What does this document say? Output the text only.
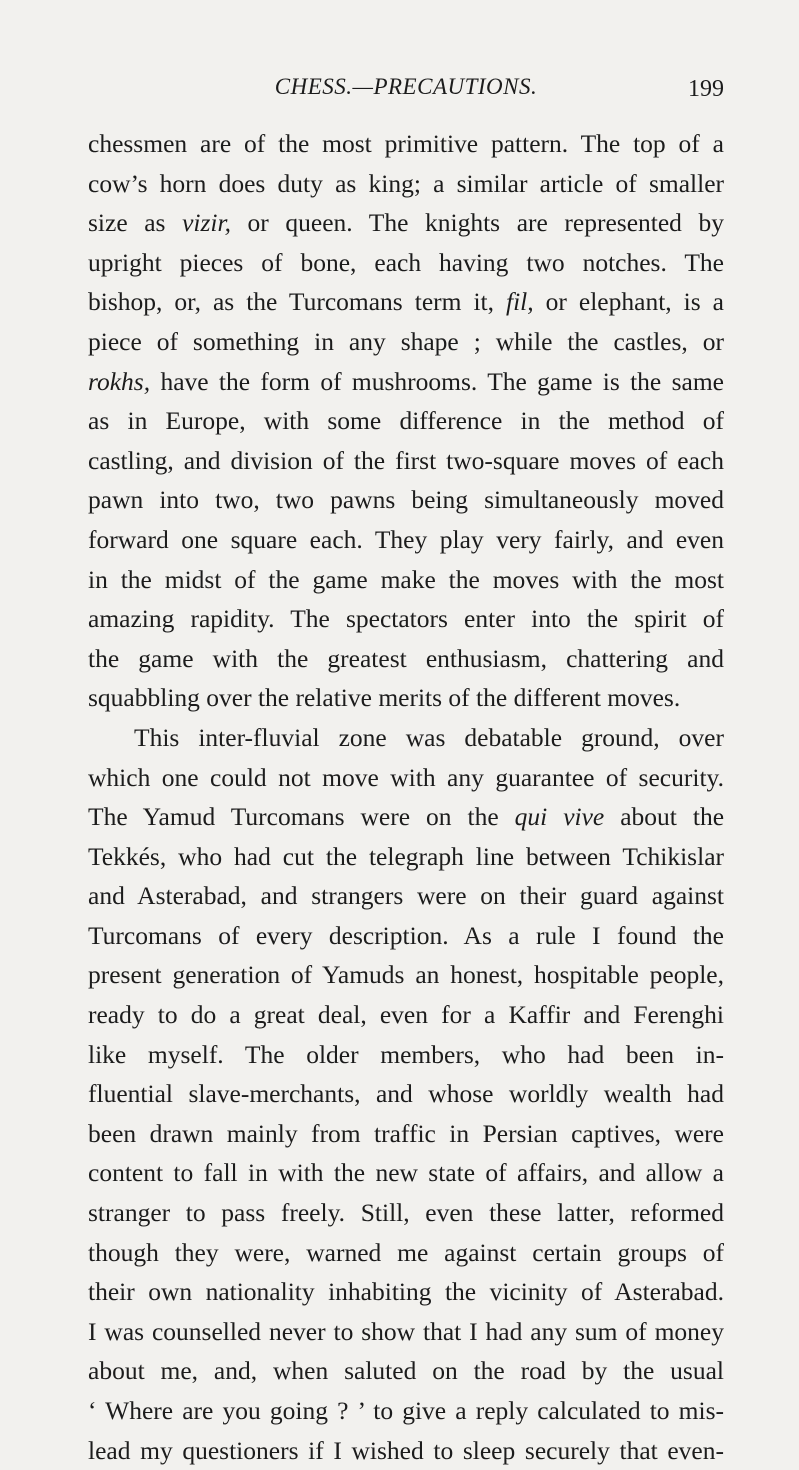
CHESS.—PRECAUTIONS.	199
chessmen are of the most primitive pattern. The top of a
cow’s horn does duty as king; a similar article of smaller
size as vizir, or queen. The knights are represented by
upright pieces of bone, each having two notches. The
bishop, or, as the Turcomans term it, fil, or elephant, is a
piece of something in any shape ; while the castles, or
rokhs, have the form of mushrooms. The game is the same
as in Europe, with some difference in the method of
castling, and division of the first two-square moves of each
pawn into two, two pawns being simultaneously moved
forward one square each. They play very fairly, and even
in the midst of the game make the moves with the most
amazing rapidity. The spectators enter into the spirit of
the game with the greatest enthusiasm, chattering and
squabbling over the relative merits of the different moves.
This inter-fluvial zone was debatable ground, over
which one could not move with any guarantee of security.
The Yamud Turcomans were on the qui vive about the
Tekkés, who had cut the telegraph line between Tchikislar
and Asterabad, and strangers were on their guard against
Turcomans of every description. As a rule I found the
present generation of Yamuds an honest, hospitable people,
ready to do a great deal, even for a Kaffir and Ferenghi
like myself. The older members, who had been in-
fluential slave-merchants, and whose worldly wealth had
been drawn mainly from traffic in Persian captives, were
content to fall in with the new state of affairs, and allow a
stranger to pass freely. Still, even these latter, reformed
though they were, warned me against certain groups of
their own nationality inhabiting the vicinity of Asterabad.
I was counselled never to show that I had any sum of money
about me, and, when saluted on the road by the usual
‘ Where are you going ? ’ to give a reply calculated to mis-
lead my questioners if I wished to sleep securely that even-
